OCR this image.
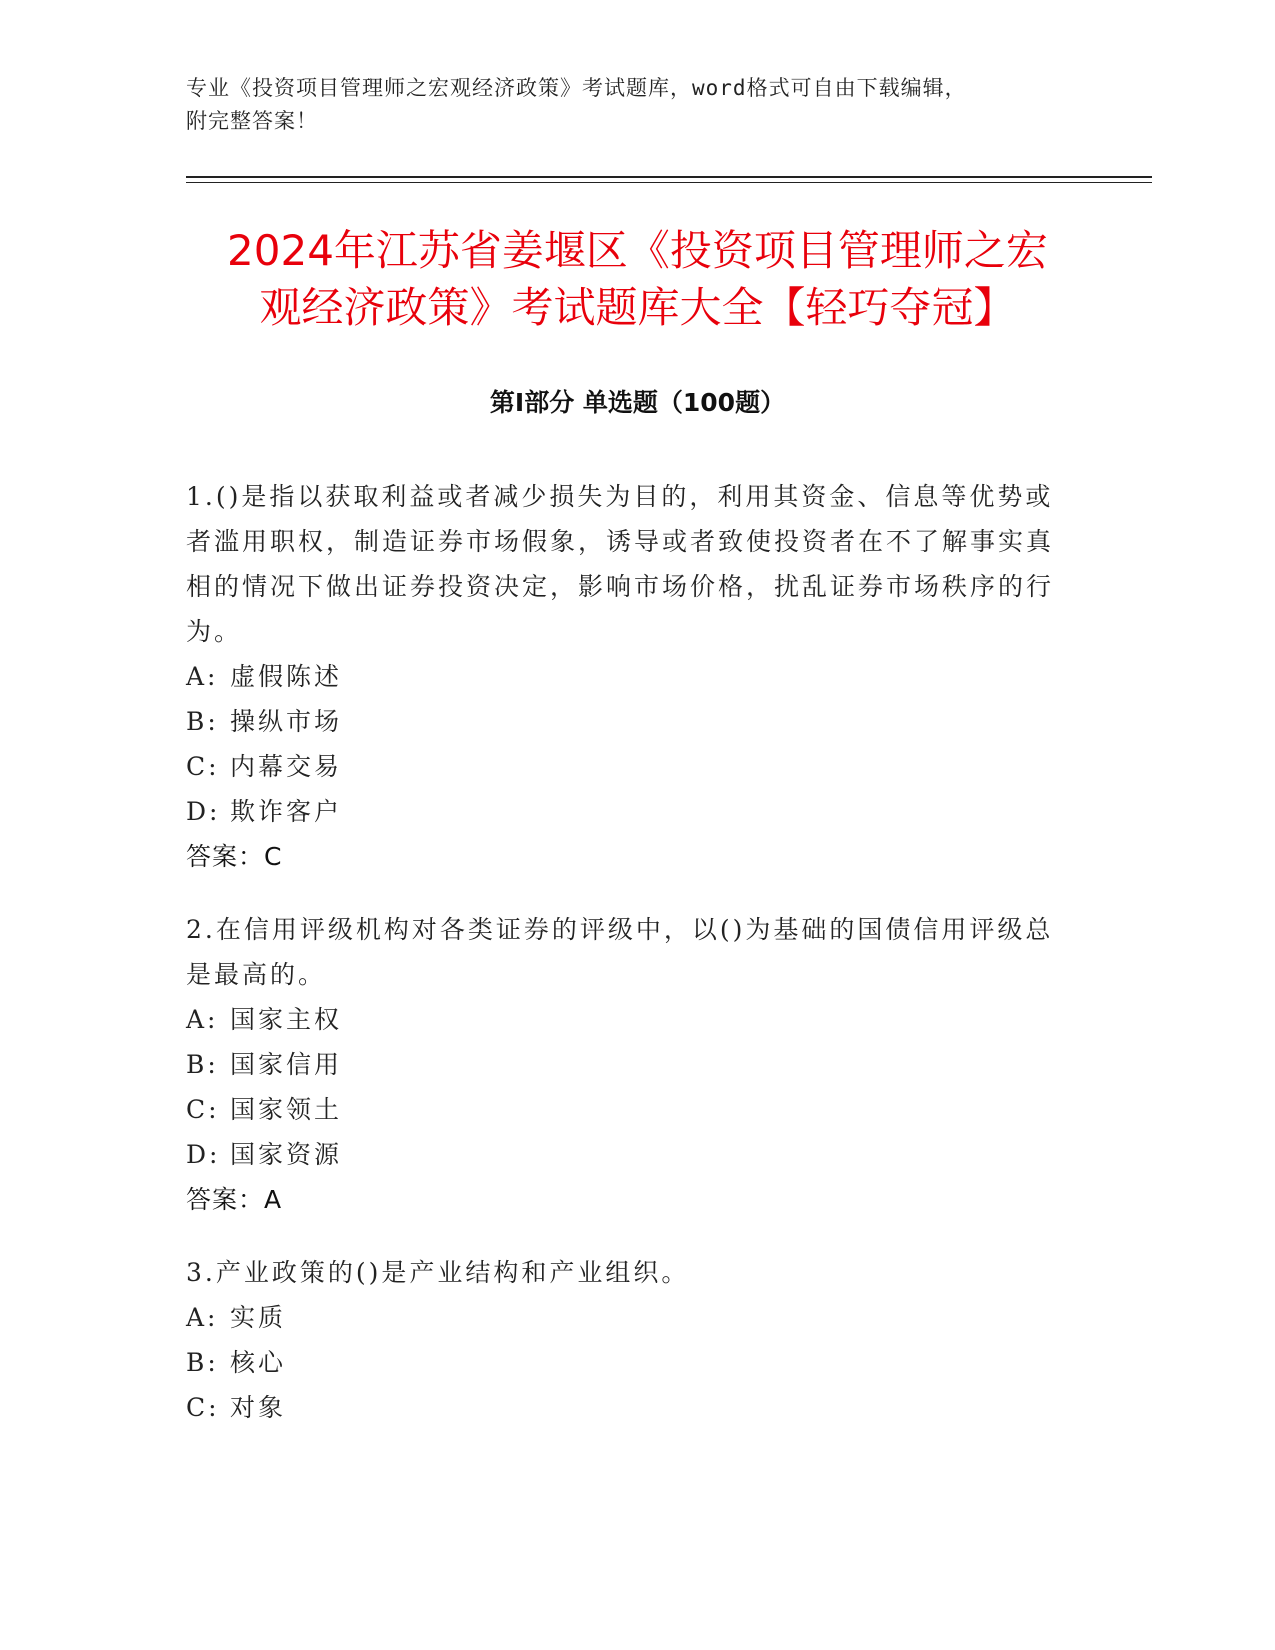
专业《投资项目管理师之宏观经济政策》考试题库，word格式可自由下载编辑，
附完整答案！
2024年江苏省姜堰区《投资项目管理师之宏
观经济政策》考试题库大全【轻巧夺冠】
第Ⅰ部分 单选题（100题）

1.()是指以获取利益或者减少损失为目的，利用其资金、信息等优势或者滥用职权，制造证券市场假象，诱导或者致使投资者在不了解事实真相的情况下做出证券投资决定，影响市场价格，扰乱证券市场秩序的行为。

A: 虚假陈述
B: 操纵市场
C: 内幕交易
D: 欺诈客户
答案：C

2.在信用评级机构对各类证券的评级中，以()为基础的国债信用评级总是最高的。

A: 国家主权
B: 国家信用
C: 国家领土
D: 国家资源
答案：A

3.产业政策的()是产业结构和产业组织。

A: 实质
B: 核心
C: 对象
